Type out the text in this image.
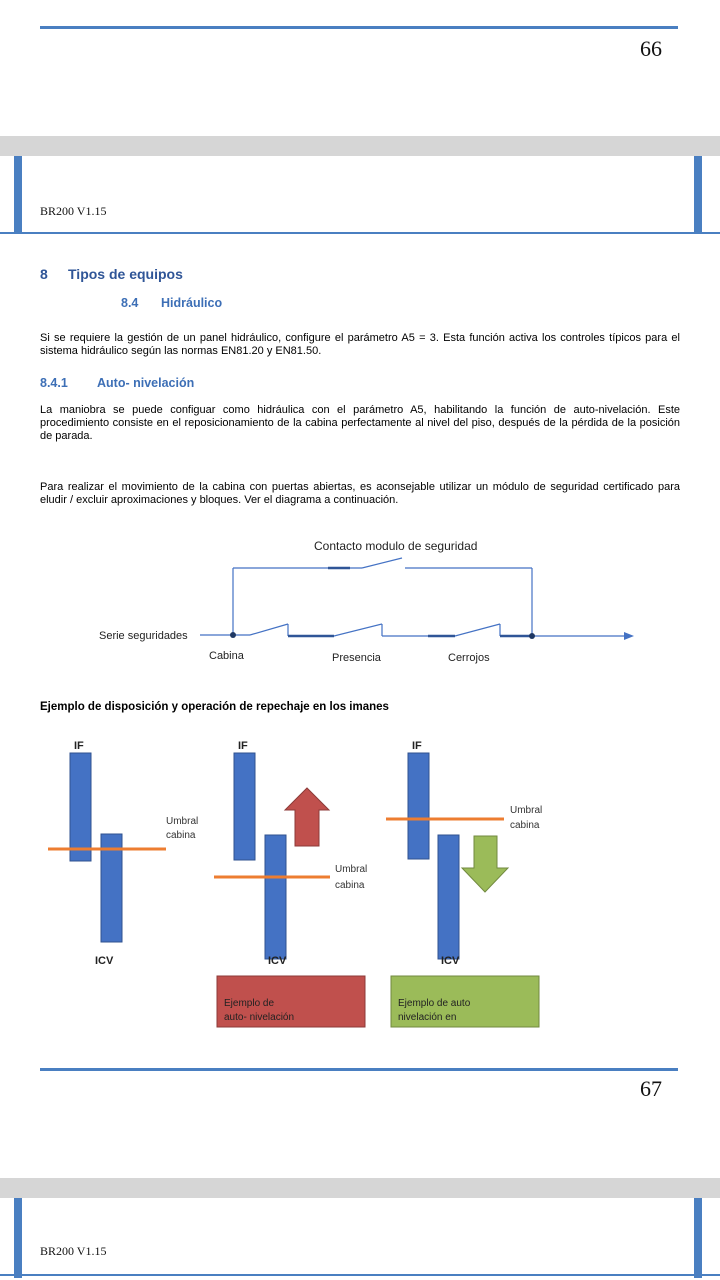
66
BR200 V1.15
8 Tipos de equipos
8.4 Hidráulico

Si se requiere la gestión de un panel hidráulico, configure el parámetro A5 = 3. Esta función activa los controles típicos para el sistema hidráulico según las normas EN81.20 y EN81.50.

8.4.1 Auto- nivelación

La maniobra se puede configuar como hidráulica con el parámetro A5, habilitando la función de auto-nivelación. Este procedimiento consiste en el reposicionamiento de la cabina perfectamente al nivel del piso, después de la pérdida de la posición de parada.

Para realizar el movimiento de la cabina con puertas abiertas, es aconsejable utilizar un módulo de seguridad certificado para eludir / excluir aproximaciones y bloques. Ver el diagrama a continuación.

Contacto modulo de seguridad
Serie seguridades
Cabina	Presencia	Cerrojos
Ejemplo de disposición y operación de repechaje en los imanes
IF
Umbral
cabina
ICV
IF
Umbral
cabina
ICV
Ejemplo de
auto- nivelación
IF
Umbral
cabina
ICV
Ejemplo de auto
nivelación en
67
BR200 V1.15
